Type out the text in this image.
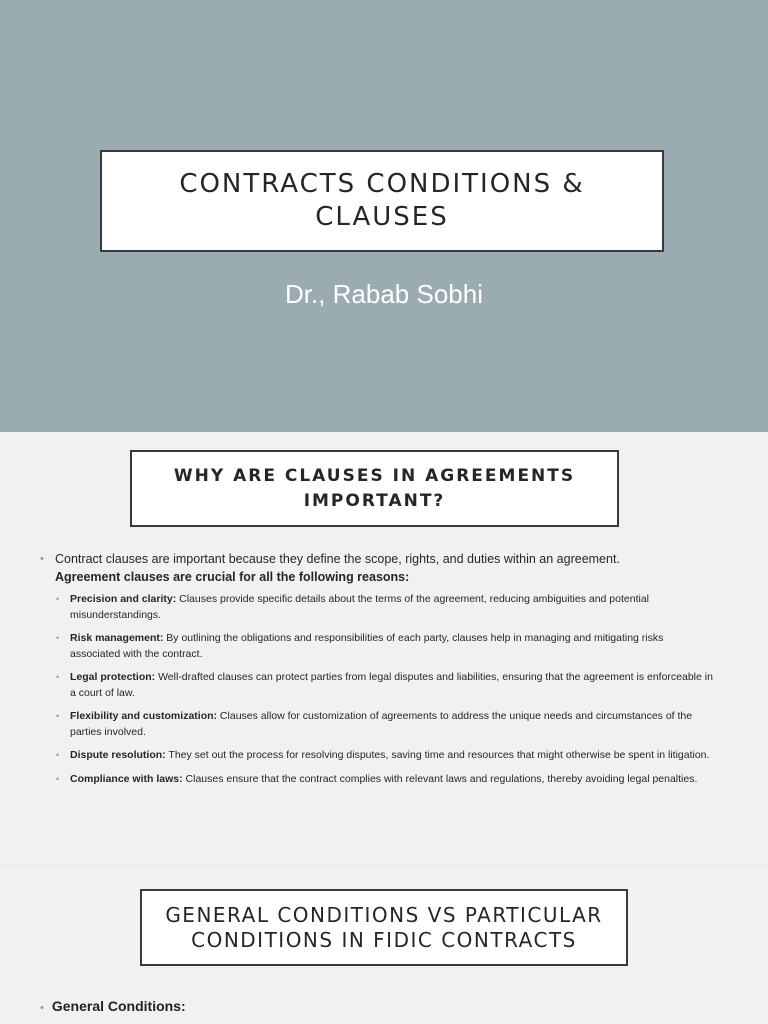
CONTRACTS CONDITIONS &
CLAUSES
Dr., Rabab Sobhi
WHY ARE CLAUSES IN AGREEMENTS
IMPORTANT?
• Contract clauses are important because they define the scope, rights, and duties within an agreement.
Agreement clauses are crucial for all the following reasons:
• Precision and clarity: Clauses provide specific details about the terms of the agreement, reducing ambiguities and potential misunderstandings.
• Risk management: By outlining the obligations and responsibilities of each party, clauses help in managing and mitigating risks associated with the contract.
• Legal protection: Well-drafted clauses can protect parties from legal disputes and liabilities, ensuring that the agreement is enforceable in a court of law.
• Flexibility and customization: Clauses allow for customization of agreements to address the unique needs and circumstances of the parties involved.
• Dispute resolution: They set out the process for resolving disputes, saving time and resources that might otherwise be spent in litigation.
• Compliance with laws: Clauses ensure that the contract complies with relevant laws and regulations, thereby avoiding legal penalties.
GENERAL CONDITIONS VS PARTICULAR
CONDITIONS IN FIDIC CONTRACTS
• General Conditions:
